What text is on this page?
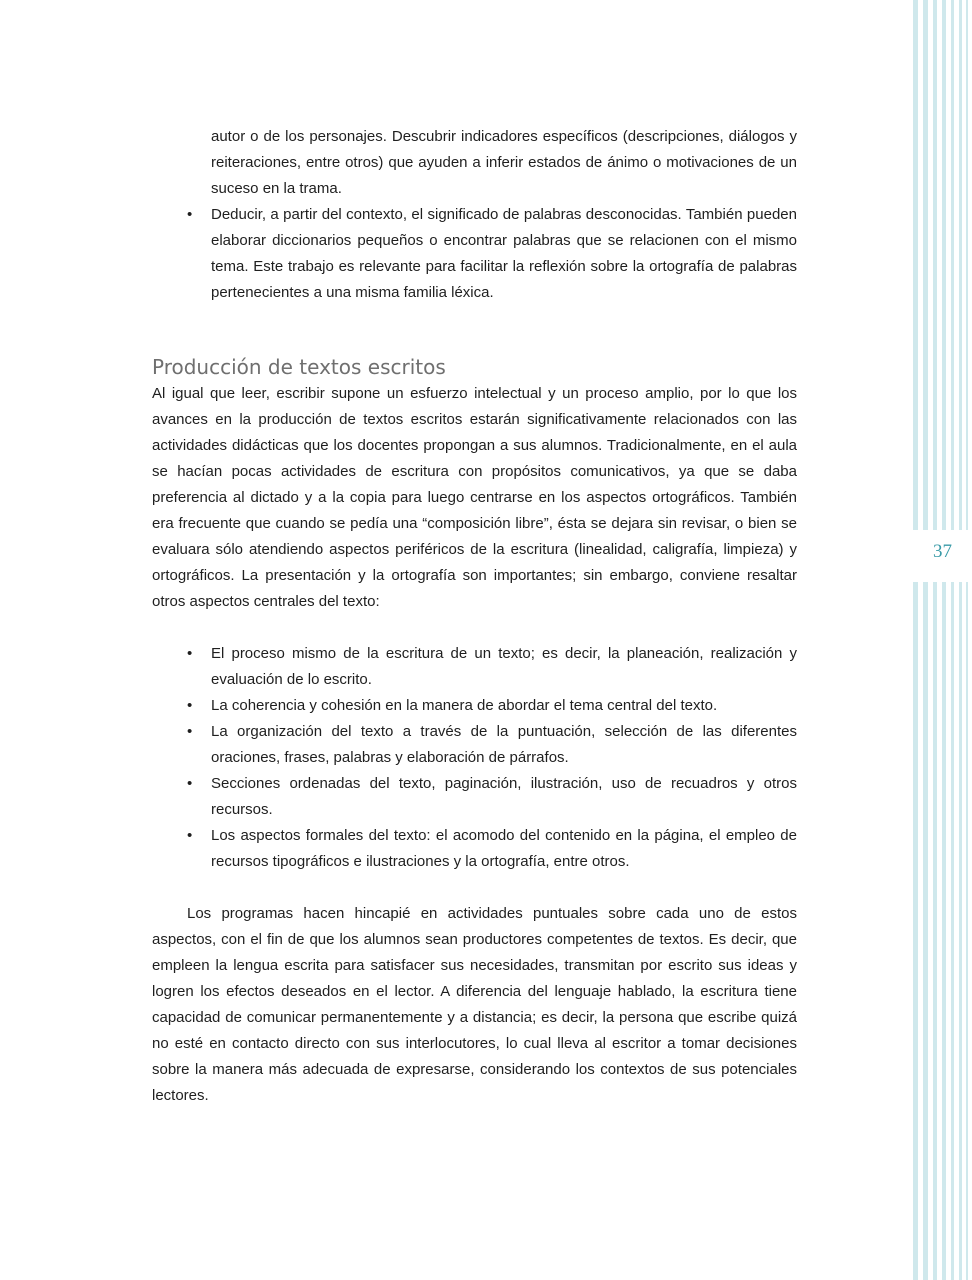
37

autor o de los personajes. Descubrir indicadores específicos (descripciones, diálogos y reiteraciones, entre otros) que ayuden a inferir estados de ánimo o motivaciones de un suceso en la trama.

• Deducir, a partir del contexto, el significado de palabras desconocidas. También pueden elaborar diccionarios pequeños o encontrar palabras que se relacionen con el mismo tema. Este trabajo es relevante para facilitar la reflexión sobre la ortografía de palabras pertenecientes a una misma familia léxica.
Producción de textos escritos

Al igual que leer, escribir supone un esfuerzo intelectual y un proceso amplio, por lo que los avances en la producción de textos escritos estarán significativamente relacionados con las actividades didácticas que los docentes propongan a sus alumnos. Tradicionalmente, en el aula se hacían pocas actividades de escritura con propósitos comunicativos, ya que se daba preferencia al dictado y a la copia para luego centrarse en los aspectos ortográficos. También era frecuente que cuando se pedía una “composición libre”, ésta se dejara sin revisar, o bien se evaluara sólo atendiendo aspectos periféricos de la escritura (linealidad, caligrafía, limpieza) y ortográficos. La presentación y la ortografía son importantes; sin embargo, conviene resaltar otros aspectos centrales del texto:

• El proceso mismo de la escritura de un texto; es decir, la planeación, realización y evaluación de lo escrito.
• La coherencia y cohesión en la manera de abordar el tema central del texto.
• La organización del texto a través de la puntuación, selección de las diferentes oraciones, frases, palabras y elaboración de párrafos.
• Secciones ordenadas del texto, paginación, ilustración, uso de recuadros y otros recursos.
• Los aspectos formales del texto: el acomodo del contenido en la página, el empleo de recursos tipográficos e ilustraciones y la ortografía, entre otros.

Los programas hacen hincapié en actividades puntuales sobre cada uno de estos aspectos, con el fin de que los alumnos sean productores competentes de textos. Es decir, que empleen la lengua escrita para satisfacer sus necesidades, transmitan por escrito sus ideas y logren los efectos deseados en el lector. A diferencia del lenguaje hablado, la escritura tiene capacidad de comunicar permanentemente y a distancia; es decir, la persona que escribe quizá no esté en contacto directo con sus interlocutores, lo cual lleva al escritor a tomar decisiones sobre la manera más adecuada de expresarse, considerando los contextos de sus potenciales lectores.
